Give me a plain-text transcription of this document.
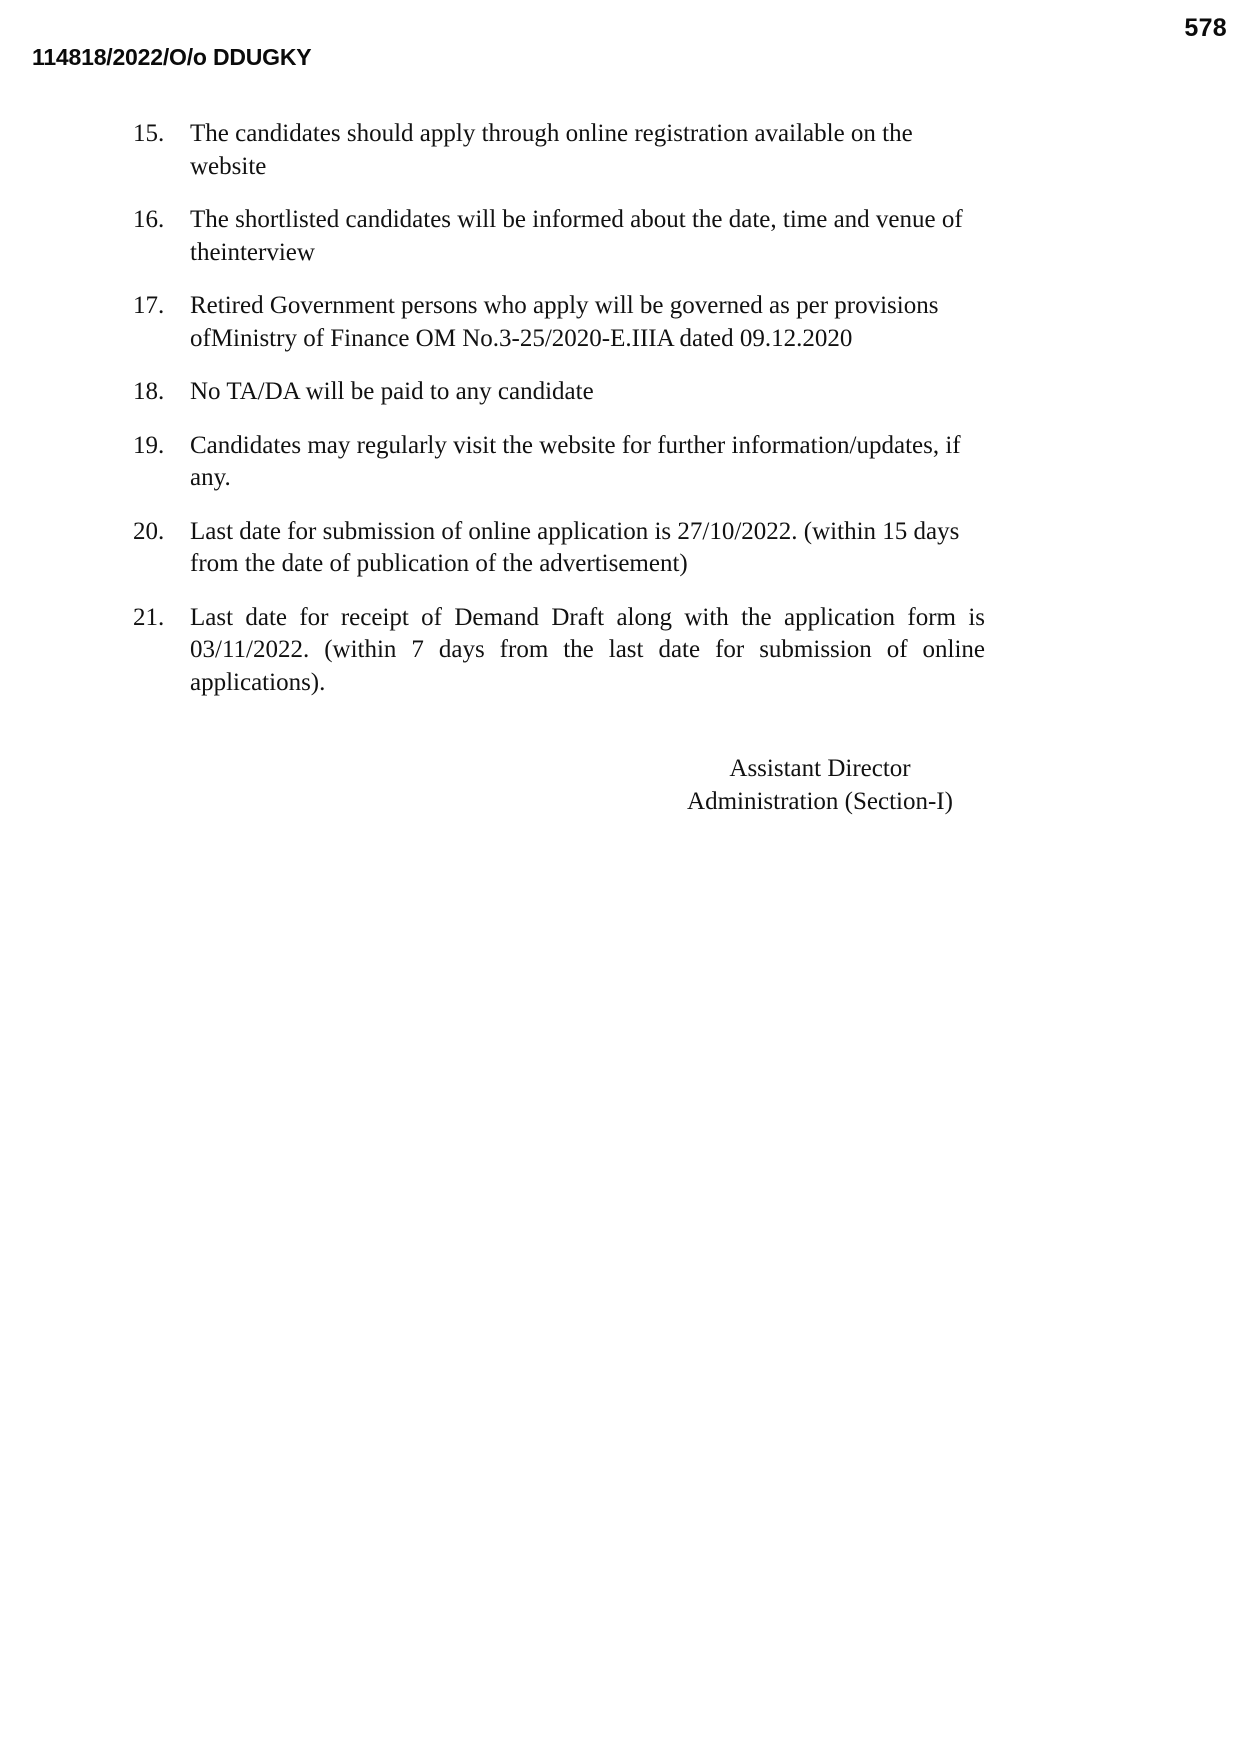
578
114818/2022/O/o DDUGKY
15.	The candidates should apply through online registration available on the website
16.	The shortlisted candidates will be informed about the date, time and venue of theinterview
17.	Retired Government persons who apply will be governed as per provisions ofMinistry of Finance OM No.3-25/2020-E.IIIA dated 09.12.2020
18.	No TA/DA will be paid to any candidate
19.	Candidates may regularly visit the website for further information/updates, if any.
20.	Last date for submission of online application is 27/10/2022. (within 15 days from the date of publication of the advertisement)
21.	Last date for receipt of Demand Draft along with the application form is 03/11/2022. (within 7 days from the last date for submission of online applications).
Assistant Director
Administration (Section-I)
